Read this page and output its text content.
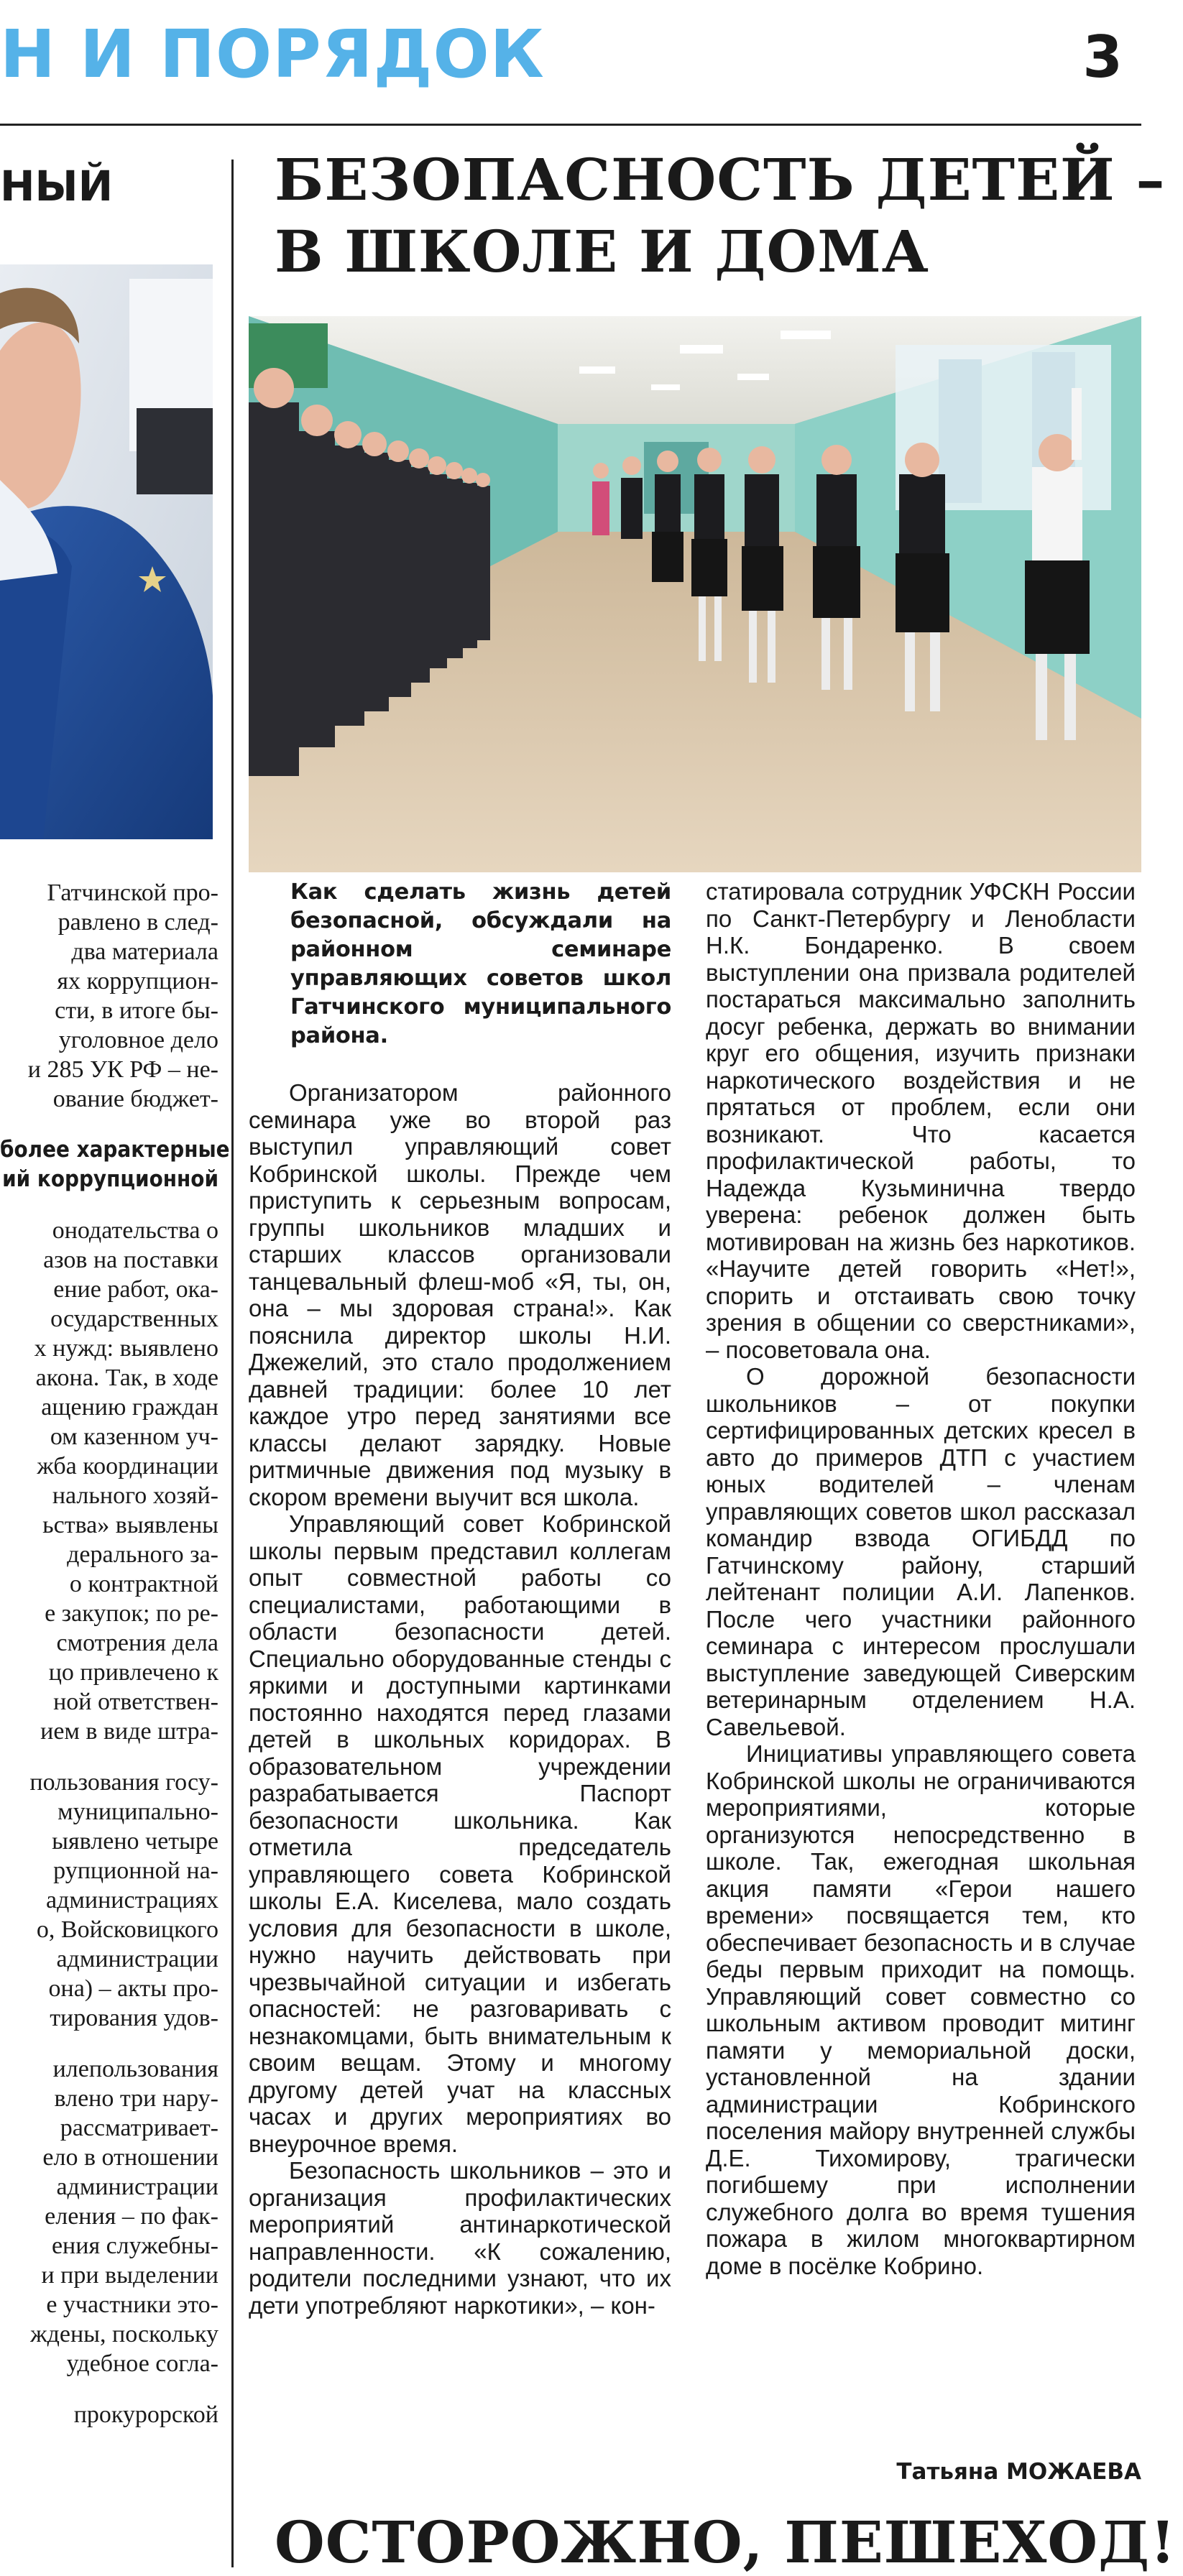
Н И ПОРЯДОК	3
НЫЙ
Гатчинской про-
равлено в след-
два материала
ях коррупцион-
сти, в итоге бы-
уголовное дело
и 285 УК РФ – не-
ование бюджет-
более характерные
ий коррупционной
онодательства о
азов на поставки
ение работ, ока-
осударственных
х нужд: выявлено
акона. Так, в ходе
ащению граждан
ом казенном уч-
жба координации
нального хозяй-
ьства» выявлены
дерального за-
о контрактной
е закупок; по ре-
смотрения дела
цо привлечено к
ной ответствен-
ием в виде штра-
пользования госу-
муниципально-
ыявлено четыре
рупционной на-
администрациях
о, Войсковицкого
администрации
она) – акты про-
тирования удов-
илепользования
влено три нару-
рассматривает-
ело в отношении
администрации
еления – по фак-
ения служебны-
и при выделении
е участники это-
ждены, поскольку
удебное согла-
прокурорской
БЕЗОПАСНОСТЬ ДЕТЕЙ –
В ШКОЛЕ И ДОМА
Как сделать жизнь детей безопасной, обсуждали на районном семинаре управляющих советов школ Гатчинского муниципального района.

Организатором районного семинара уже во второй раз выступил управляющий совет Кобринской школы. Прежде чем приступить к серьезным вопросам, группы школьников младших и старших классов организовали танцевальный флеш-моб «Я, ты, он, она – мы здоровая страна!». Как пояснила директор школы Н.И. Джежелий, это стало продолжением давней традиции: более 10 лет каждое утро перед занятиями все классы делают зарядку. Новые ритмичные движения под музыку в скором времени выучит вся школа.

Управляющий совет Кобринской школы первым представил коллегам опыт совместной работы со специалистами, работающими в области безопасности детей. Специально оборудованные стенды с яркими и доступными картинками постоянно находятся перед глазами детей в школьных коридорах. В образовательном учреждении разрабатывается Паспорт безопасности школьника. Как отметила председатель управляющего совета Кобринской школы Е.А. Киселева, мало создать условия для безопасности в школе, нужно научить действовать при чрезвычайной ситуации и избегать опасностей: не разговаривать с незнакомцами, быть внимательным к своим вещам. Этому и многому другому детей учат на классных часах и других мероприятиях во внеурочное время.

Безопасность школьников – это и организация профилактических мероприятий антинаркотической направленности. «К сожалению, родители последними узнают, что их дети употребляют наркотики», – кон-

статировала сотрудник УФСКН России по Санкт-Петербургу и Ленобласти Н.К. Бондаренко. В своем выступлении она призвала родителей постараться максимально заполнить досуг ребенка, держать во внимании круг его общения, изучить признаки наркотического воздействия и не прятаться от проблем, если они возникают. Что касается профилактической работы, то Надежда Кузьминична твердо уверена: ребенок должен быть мотивирован на жизнь без наркотиков. «Научите детей говорить «Нет!», спорить и отстаивать свою точку зрения в общении со сверстниками», – посоветовала она.

О дорожной безопасности школьников – от покупки сертифицированных детских кресел в авто до примеров ДТП с участием юных водителей – членам управляющих советов школ рассказал командир взвода ОГИБДД по Гатчинскому району, старший лейтенант полиции А.И. Лапенков. После чего участники районного семинара с интересом прослушали выступление заведующей Сиверским ветеринарным отделением Н.А. Савельевой.

Инициативы управляющего совета Кобринской школы не ограничиваются мероприятиями, которые организуются непосредственно в школе. Так, ежегодная школьная акция памяти «Герои нашего времени» посвящается тем, кто обеспечивает безопасность и в случае беды первым приходит на помощь. Управляющий совет совместно со школьным активом проводит митинг памяти у мемориальной доски, установленной на здании администрации Кобринского поселения майору внутренней службы Д.Е. Тихомирову, трагически погибшему при исполнении служебного долга во время тушения пожара в жилом многоквартирном доме в посёлке Кобрино.

Татьяна МОЖАЕВА
ОСТОРОЖНО, ПЕШЕХОД!
